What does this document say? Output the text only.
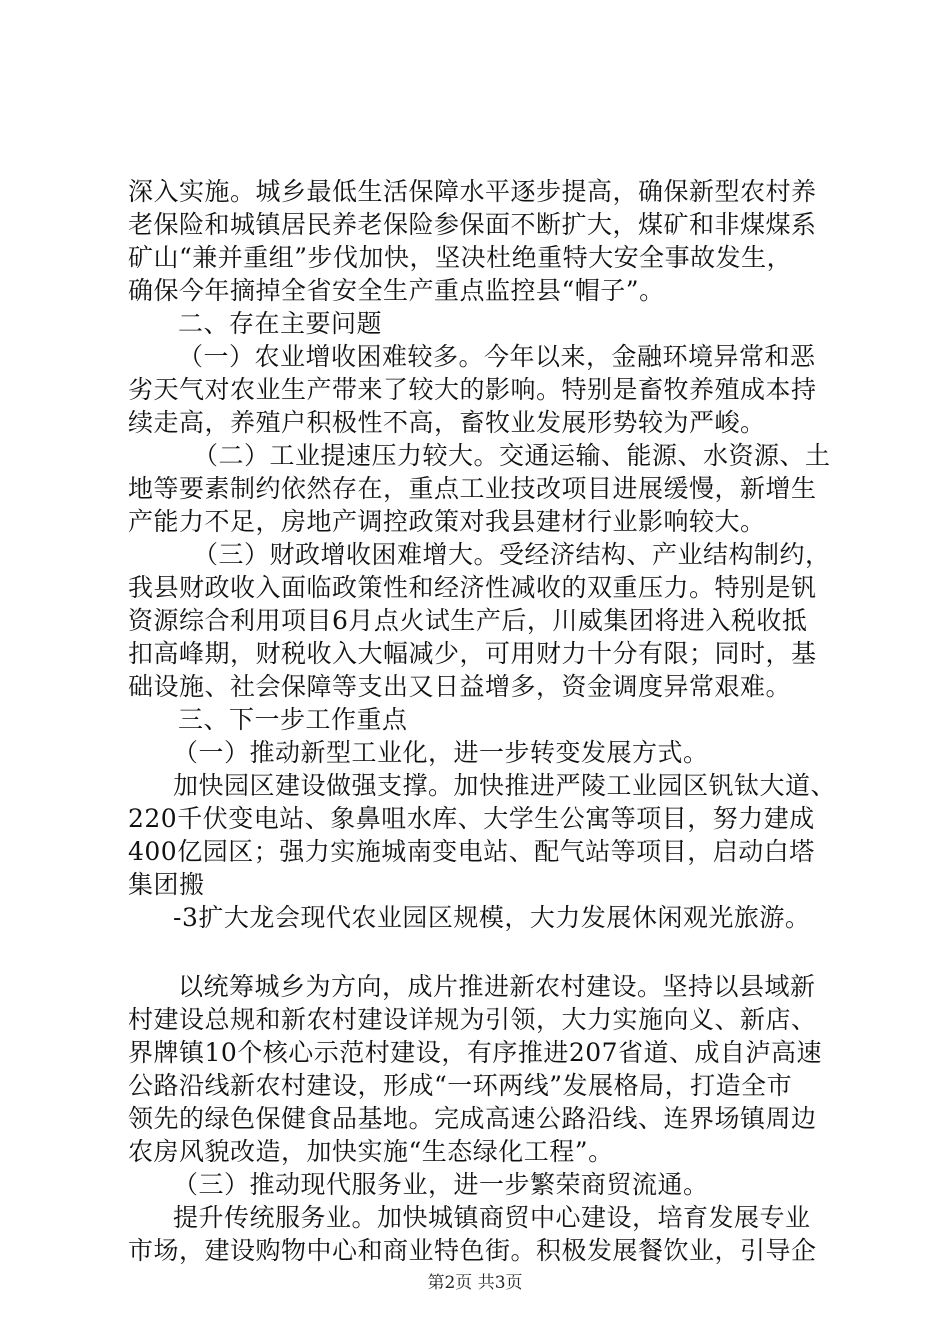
深入实施。城乡最低生活保障水平逐步提高，确保新型农村养
老保险和城镇居民养老保险参保面不断扩大，煤矿和非煤煤系
矿山“兼并重组”步伐加快，坚决杜绝重特大安全事故发生，
确保今年摘掉全省安全生产重点监控县“帽子”。
二、存在主要问题
（一）农业增收困难较多。今年以来，金融环境异常和恶
劣天气对农业生产带来了较大的影响。特别是畜牧养殖成本持
续走高，养殖户积极性不高，畜牧业发展形势较为严峻。
（二）工业提速压力较大。交通运输、能源、水资源、土
地等要素制约依然存在，重点工业技改项目进展缓慢，新增生
产能力不足，房地产调控政策对我县建材行业影响较大。
（三）财政增收困难增大。受经济结构、产业结构制约，
我县财政收入面临政策性和经济性减收的双重压力。特别是钒
资源综合利用项目6月点火试生产后，川威集团将进入税收抵
扣高峰期，财税收入大幅减少，可用财力十分有限；同时，基
础设施、社会保障等支出又日益增多，资金调度异常艰难。
三、下一步工作重点
（一）推动新型工业化，进一步转变发展方式。
加快园区建设做强支撑。加快推进严陵工业园区钒钛大道、
220千伏变电站、象鼻咀水库、大学生公寓等项目，努力建成
400亿园区；强力实施城南变电站、配气站等项目，启动白塔
集团搬
-3扩大龙会现代农业园区规模，大力发展休闲观光旅游。
以统筹城乡为方向，成片推进新农村建设。坚持以县域新
村建设总规和新农村建设详规为引领，大力实施向义、新店、
界牌镇10个核心示范村建设，有序推进207省道、成自泸高速
公路沿线新农村建设，形成“一环两线”发展格局，打造全市
领先的绿色保健食品基地。完成高速公路沿线、连界场镇周边
农房风貌改造，加快实施“生态绿化工程”。
（三）推动现代服务业，进一步繁荣商贸流通。
提升传统服务业。加快城镇商贸中心建设，培育发展专业
市场，建设购物中心和商业特色街。积极发展餐饮业，引导企
第2页 共3页
